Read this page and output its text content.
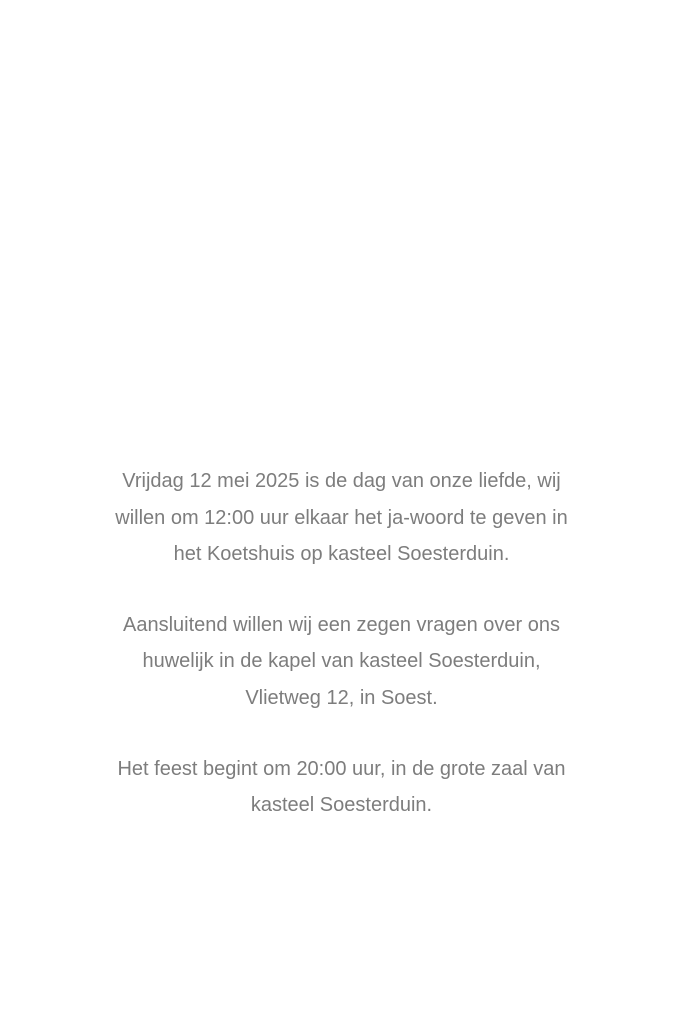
Vrijdag 12 mei 2025 is de dag van onze liefde, wij
willen om 12:00 uur elkaar het ja-woord te geven in
het Koetshuis op kasteel Soesterduin.

Aansluitend willen wij een zegen vragen over ons
huwelijk in de kapel van kasteel Soesterduin,
Vlietweg 12, in Soest.

Het feest begint om 20:00 uur, in de grote zaal van
kasteel Soesterduin.
